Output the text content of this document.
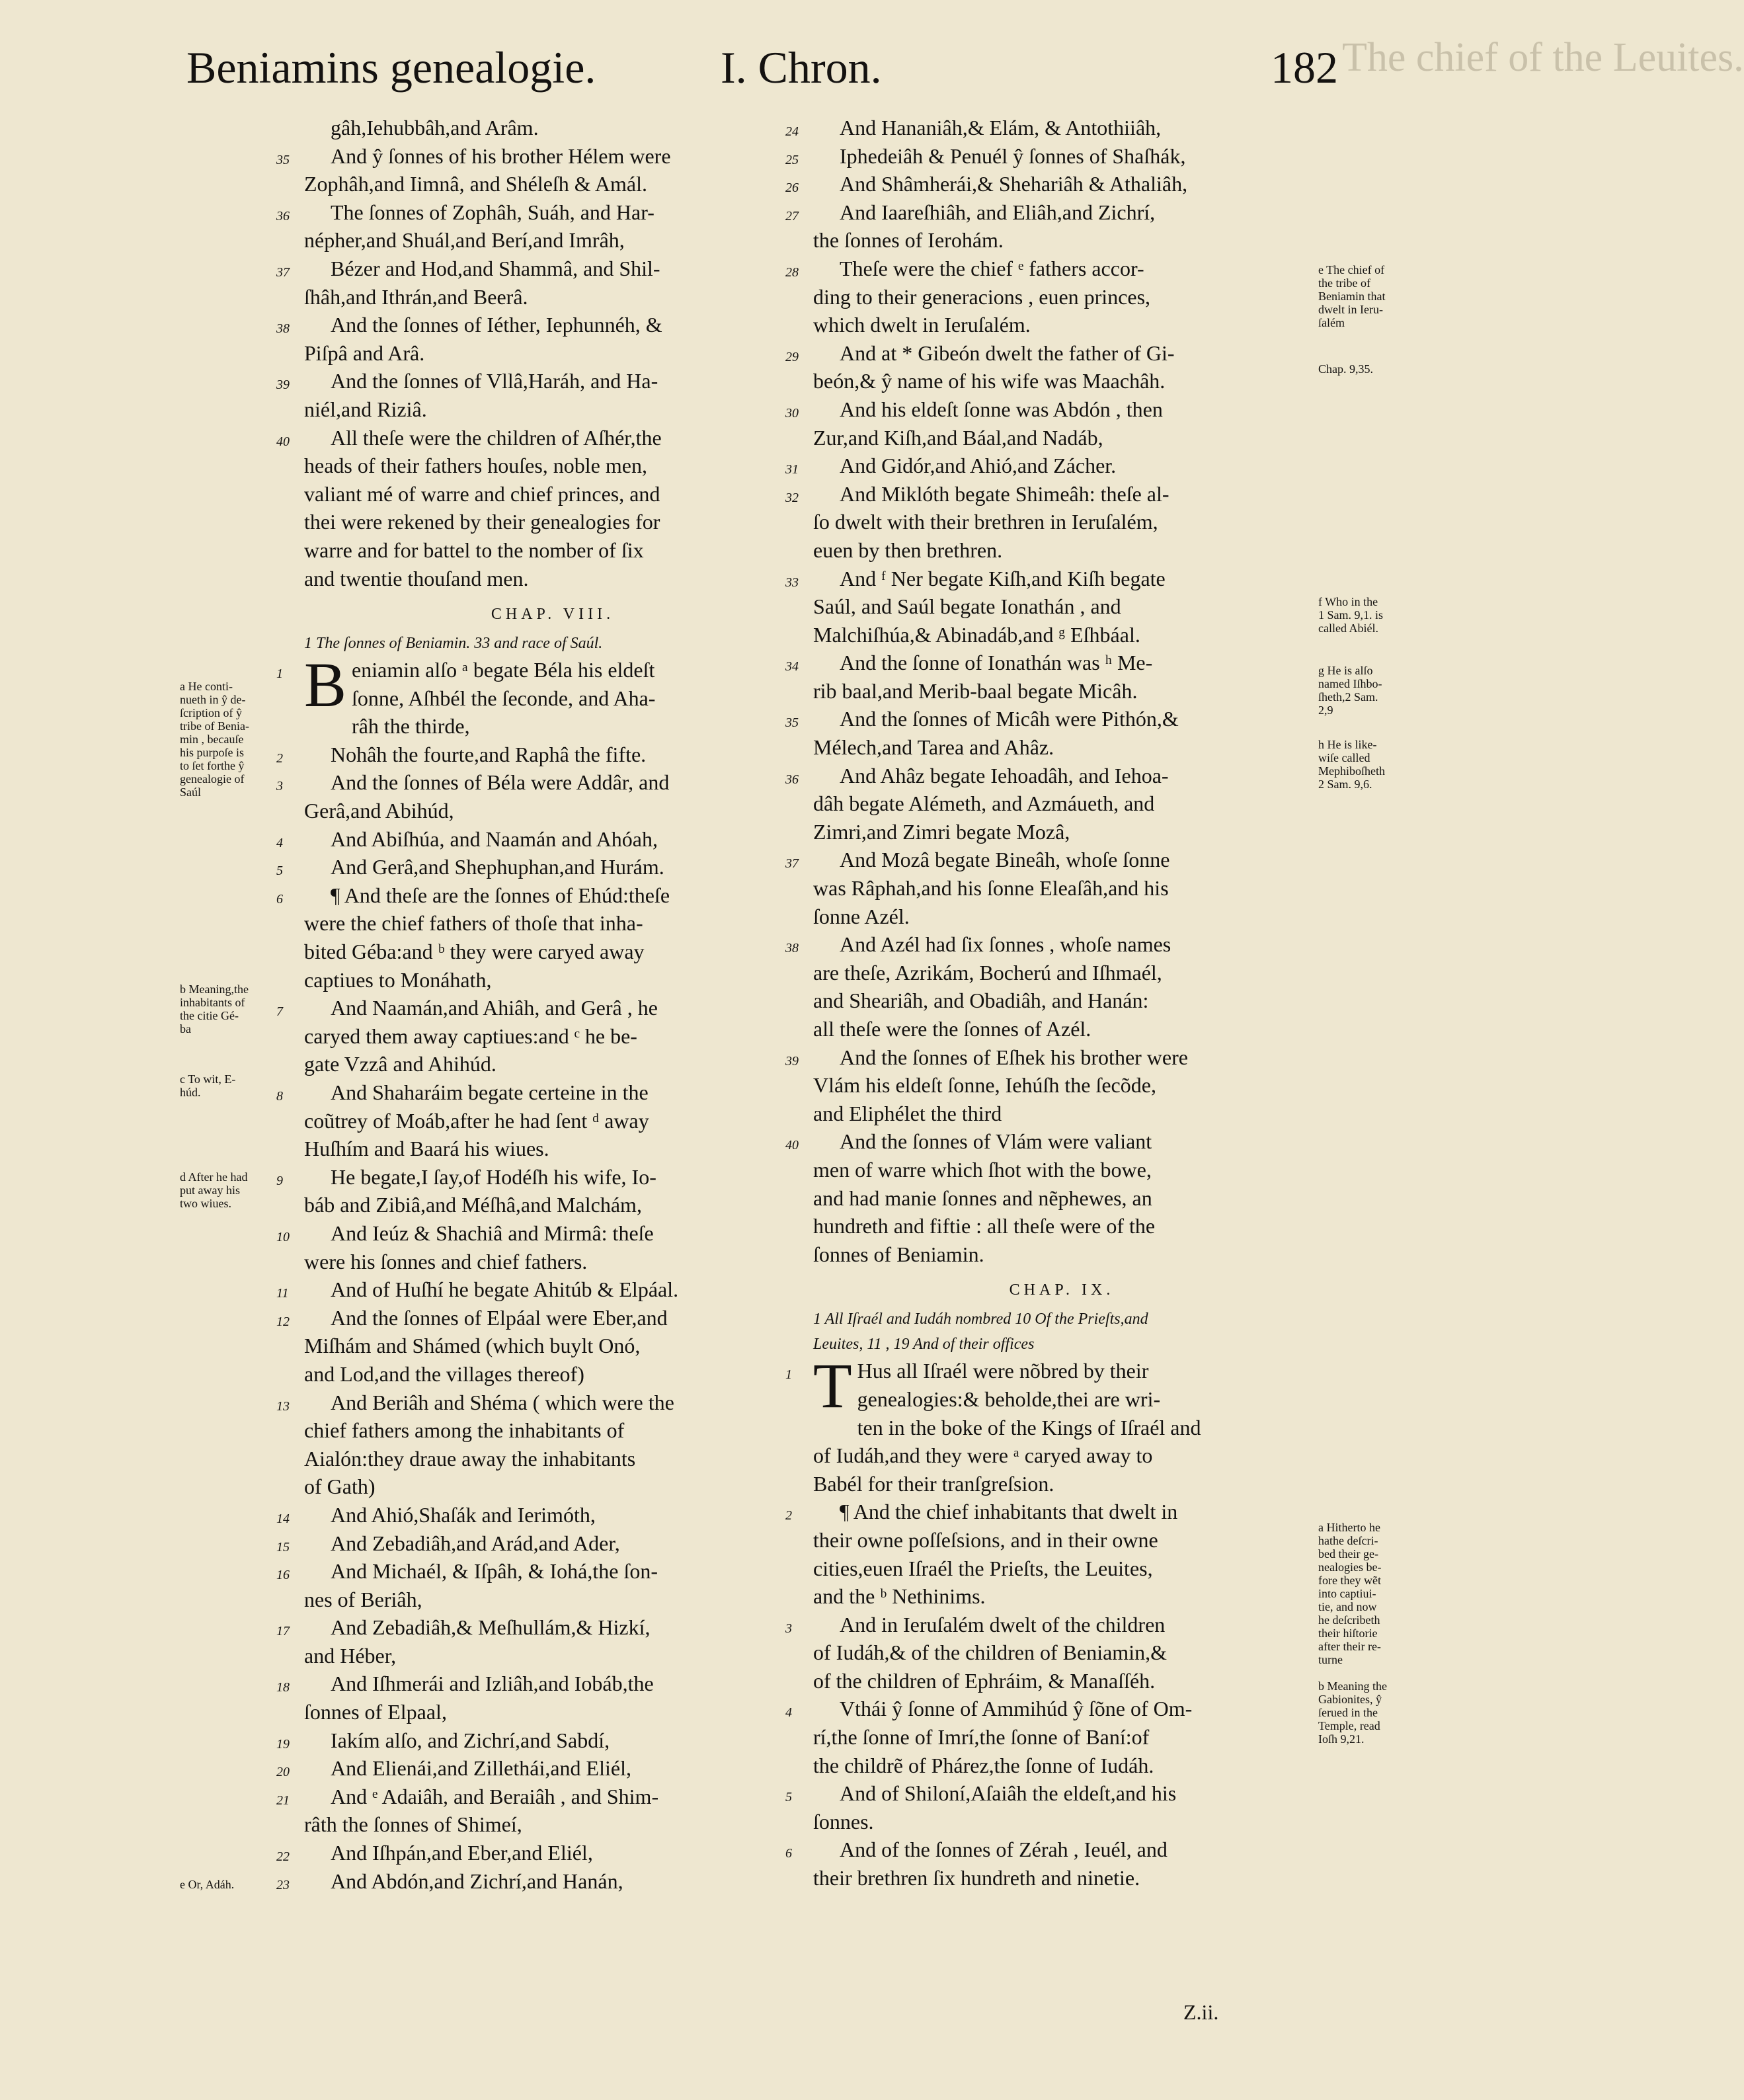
The chief of the Leuites.
Beniamins genealogie.	I. Chron.	182
gâh,Iehubbâh,and Arâm.
35	And ŷ ſonnes of his brother Hélem were
Zophâh,and Iimnâ, and Shéleſh & Amál.
36	The ſonnes of Zophâh, Suáh, and Har-
népher,and Shuál,and Berí,and Imrâh,
37	Bézer and Hod,and Shammâ, and Shil-
ſhâh,and Ithrán,and Beerâ.
38	And the ſonnes of Iéther, Iephunnéh, &
Piſpâ and Arâ.
39	And the ſonnes of Vllâ,Haráh, and Ha-
niél,and Riziâ.
40	All theſe were the children of Aſhér,the
heads of their fathers houſes, noble men,
valiant mé of warre and chief princes, and
thei were rekened by their genealogies for
warre and for battel to the nomber of ſix
and twentie thouſand men.
CHAP. VIII.
1 The ſonnes of Beniamin. 33 and race of Saúl.
1 B eniamin alſo ᵃ begate Béla his eldeſt
ſonne, Aſhbél the ſeconde, and Aha-
râh the thirde,
2	Nohâh the fourte,and Raphâ the fifte.
3	And the ſonnes of Béla were Addâr, and
Gerâ,and Abihúd,
4	And Abiſhúa, and Naamán and Ahóah,
5	And Gerâ,and Shephuphan,and Hurám.
6	¶ And theſe are the ſonnes of Ehúd:theſe
were the chief fathers of thoſe that inha-
bited Géba:and ᵇ they were caryed away
captiues to Monáhath,
7	And Naamán,and Ahiâh, and Gerâ , he
caryed them away captiues:and ᶜ he be-
gate Vzzâ and Ahihúd.
8	And Shaharáim begate certeine in the
coũtrey of Moáb,after he had ſent ᵈ away
Huſhím and Baará his wiues.
9	He begate,I ſay,of Hodéſh his wife, Io-
báb and Zibiâ,and Méſhâ,and Malchám,
10	And Ieúz & Shachiâ and Mirmâ: theſe
were his ſonnes and chief fathers.
11	And of Huſhí he begate Ahitúb & Elpáal.
12	And the ſonnes of Elpáal were Eber,and
Miſhám and Shámed (which buylt Onó,
and Lod,and the villages thereof)
13	And Beriâh and Shéma ( which were the
chief fathers among the inhabitants of
Aialón:they draue away the inhabitants
of Gath)
14	And Ahió,Shaſák and Ierimóth,
15	And Zebadiâh,and Arád,and Ader,
16	And Michaél, & Iſpâh, & Iohá,the ſon-
nes of Beriâh,
17	And Zebadiâh,& Meſhullám,& Hizkí,
and Héber,
18	And Iſhmerái and Izliâh,and Iobáb,the
ſonnes of Elpaal,
19	Iakím alſo, and Zichrí,and Sabdí,
20	And Elienái,and Zillethái,and Eliél,
21	And ᵉ Adaiâh, and Beraiâh , and Shim-
râth the ſonnes of Shimeí,
22	And Iſhpán,and Eber,and Eliél,
23	And Abdón,and Zichrí,and Hanán,
24	And Hananiâh,& Elám, & Antothiiâh,
25	Iphedeiâh & Penuél ŷ ſonnes of Shaſhák,
26	And Shâmherái,& Shehariâh & Athaliâh,
27	And Iaareſhiâh, and Eliâh,and Zichrí,
the ſonnes of Ierohám.
28	Theſe were the chief ᵉ fathers accor-
ding to their generacions , euen princes,
which dwelt in Ieruſalém.
29	And at * Gibeón dwelt the father of Gi-
beón,& ŷ name of his wife was Maachâh.
30	And his eldeſt ſonne was Abdón , then
Zur,and Kiſh,and Báal,and Nadáb,
31	And Gidór,and Ahió,and Zácher.
32	And Miklóth begate Shimeâh: theſe al-
ſo dwelt with their brethren in Ieruſalém,
euen by then brethren.
33	And ᶠ Ner begate Kiſh,and Kiſh begate
Saúl, and Saúl begate Ionathán , and
Malchiſhúa,& Abinadáb,and ᵍ Eſhbáal.
34	And the ſonne of Ionathán was ʰ Me-
rib baal,and Merib-baal begate Micâh.
35	And the ſonnes of Micâh were Pithón,&
Mélech,and Tarea and Ahâz.
36	And Ahâz begate Iehoadâh, and Iehoa-
dâh begate Alémeth, and Azmáueth, and
Zimri,and Zimri begate Mozâ,
37	And Mozâ begate Bineâh, whoſe ſonne
was Râphah,and his ſonne Eleaſâh,and his
ſonne Azél.
38	And Azél had ſix ſonnes , whoſe names
are theſe, Azrikám, Bocherú and Iſhmaél,
and Sheariâh, and Obadiâh, and Hanán:
all theſe were the ſonnes of Azél.
39	And the ſonnes of Eſhek his brother were
Vlám his eldeſt ſonne, Iehúſh the ſecõde,
and Eliphélet the third
40	And the ſonnes of Vlám were valiant
men of warre which ſhot with the bowe,
and had manie ſonnes and nẽphewes, an
hundreth and fiftie : all theſe were of the
ſonnes of Beniamin.
CHAP. IX.
1 All Iſraél and Iudáh nombred 10 Of the Prieſts,and
Leuites, 11 , 19 And of their offices
1 T Hus all Iſraél were nõbred by their
genealogies:& beholde,thei are wri-
ten in the boke of the Kings of Iſraél and
of Iudáh,and they were ᵃ caryed away to
Babél for their tranſgreſsion.
2	¶ And the chief inhabitants that dwelt in
their owne poſſeſsions, and in their owne
cities,euen Iſraél the Prieſts, the Leuites,
and the ᵇ Nethinims.
3	And in Ieruſalém dwelt of the children
of Iudáh,& of the children of Beniamin,&
of the children of Ephráim, & Manaſſéh.
4	Vthái ŷ ſonne of Ammihúd ŷ ſõne of Om-
rí,the ſonne of Imrí,the ſonne of Baní:of
the childrẽ of Phárez,the ſonne of Iudáh.
5	And of Shiloní,Aſaiâh the eldeſt,and his
ſonnes.
6	And of the ſonnes of Zérah , Ieuél, and
their brethren ſix hundreth and ninetie.
a He conti-
nueth in ŷ de-
ſcription of ŷ
tribe of Benia-
min , becauſe
his purpoſe is
to ſet forthe ŷ
genealogie of
Saúl
b Meaning,the
inhabitants of
the citie Gé-
ba
c To wit, E-
húd.
d After he had
put away his
two wiues.
e Or, Adáh.
e The chief of
the tribe of
Beniamin that
dwelt in Ieru-
ſalém
Chap. 9,35.
f Who in the
1 Sam. 9,1. is
called Abiél.
g He is alſo
named Iſhbo-
ſheth,2 Sam.
2,9
h He is like-
wiſe called
Mephiboſheth
2 Sam. 9,6.
a Hitherto he
hathe deſcri-
bed their ge-
nealogies be-
fore they wẽt
into captiui-
tie, and now
he deſcribeth
their hiſtorie
after their re-
turne
b Meaning the
Gabionites, ŷ
ſerued in the
Temple, read
Ioſh 9,21.
Z.ii.
